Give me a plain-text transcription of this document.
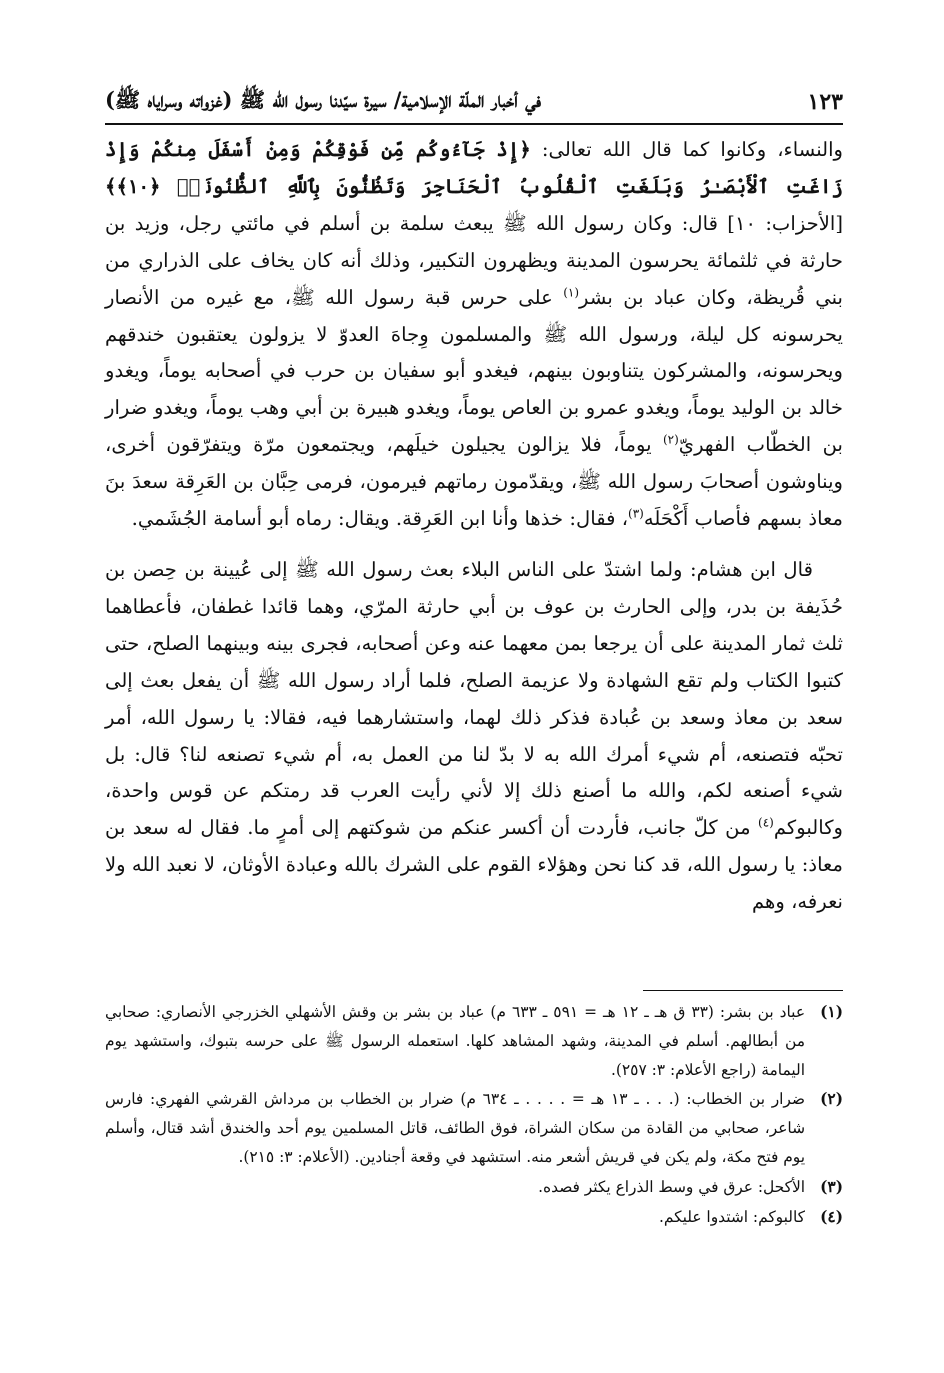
في أخبار الملّة الإسلامية/ سيرة سيّدنا رسول الله ﷺ (غزواته وسراياه ﷺ)	١٢٣

والنساء، وكانوا كما قال الله تعالى: ﴿إِذْ جَآءُوكُم مِّن فَوْقِكُمْ وَمِنْ أَسْفَلَ مِنكُمْ وَإِذْ زَاغَتِ ٱلْأَبْصَـٰرُ وَبَلَغَتِ ٱلْقُلُوبُ ٱلْحَنَاجِرَ وَتَظُنُّونَ بِٱللَّهِ ٱلظُّنُونَا۠ ﴿١٠﴾﴾ [الأحزاب: ١٠] قال: وكان رسول الله ﷺ يبعث سلمة بن أسلم في مائتي رجل، وزيد بن حارثة في ثلثمائة يحرسون المدينة ويظهرون التكبير، وذلك أنه كان يخاف على الذراري من بني قُريظة، وكان عباد بن بشر$^{(١)}$ على حرس قبة رسول الله ﷺ، مع غيره من الأنصار يحرسونه كل ليلة، ورسول الله ﷺ والمسلمون وِجاهَ العدوّ لا يزولون يعتقبون خندقهم ويحرسونه، والمشركون يتناوبون بينهم، فيغدو أبو سفيان بن حرب في أصحابه يوماً، ويغدو خالد بن الوليد يوماً، ويغدو عمرو بن العاص يوماً، ويغدو هبيرة بن أبي وهب يوماً، ويغدو ضرار بن الخطّاب الفهريّ$^{(٢)}$ يوماً، فلا يزالون يجيلون خيلَهم، ويجتمعون مرّة ويتفرّقون أخرى، ويناوشون أصحابَ رسول الله ﷺ، ويقدّمون رماتهم فيرمون، فرمى حِبَّان بن العَرِقة سعدَ بنَ معاذ بسهم فأصاب أَكْحَلَه$^{(٣)}$، فقال: خذها وأنا ابن العَرِقة. ويقال: رماه أبو أسامة الجُشَمي.

قال ابن هشام: ولما اشتدّ على الناس البلاء بعث رسول الله ﷺ إلى عُيينة بن حِصن بن حُذَيفة بن بدر، وإلى الحارث بن عوف بن أبي حارثة المرّي، وهما قائدا غطفان، فأعطاهما ثلث ثمار المدينة على أن يرجعا بمن معهما عنه وعن أصحابه، فجرى بينه وبينهما الصلح، حتى كتبوا الكتاب ولم تقع الشهادة ولا عزيمة الصلح، فلما أراد رسول الله ﷺ أن يفعل بعث إلى سعد بن معاذ وسعد بن عُبادة فذكر ذلك لهما، واستشارهما فيه، فقالا: يا رسول الله، أمر تحبّه فتصنعه، أم شيء أمرك الله به لا بدّ لنا من العمل به، أم شيء تصنعه لنا؟ قال: بل شيء أصنعه لكم، والله ما أصنع ذلك إلا لأني رأيت العرب قد رمتكم عن قوس واحدة، وكالبوكم$^{(٤)}$ من كلّ جانب، فأردت أن أكسر عنكم من شوكتهم إلى أمرٍ ما. فقال له سعد بن معاذ: يا رسول الله، قد كنا نحن وهؤلاء القوم على الشرك بالله وعبادة الأوثان، لا نعبد الله ولا نعرفه، وهم

(١)
عباد بن بشر: (٣٣ ق هـ ـ ١٢ هـ = ٥٩١ ـ ٦٣٣ م) عباد بن بشر بن وقش الأشهلي الخزرجي الأنصاري: صحابي من أبطالهم. أسلم في المدينة، وشهد المشاهد كلها. استعمله الرسول ﷺ على حرسه بتبوك، واستشهد يوم اليمامة (راجع الأعلام: ٣: ٢٥٧).
(٢)
ضرار بن الخطاب: (. . . ـ ١٣ هـ = . . . . ـ ٦٣٤ م) ضرار بن الخطاب بن مرداش القرشي الفهري: فارس شاعر، صحابي من القادة من سكان الشراة، فوق الطائف، قاتل المسلمين يوم أحد والخندق أشد قتال، وأسلم يوم فتح مكة، ولم يكن في قريش أشعر منه. استشهد في وقعة أجنادين. (الأعلام: ٣: ٢١٥).
(٣)
الأكحل: عرق في وسط الذراع يكثر فصده.
(٤)
كالبوكم: اشتدوا عليكم.
